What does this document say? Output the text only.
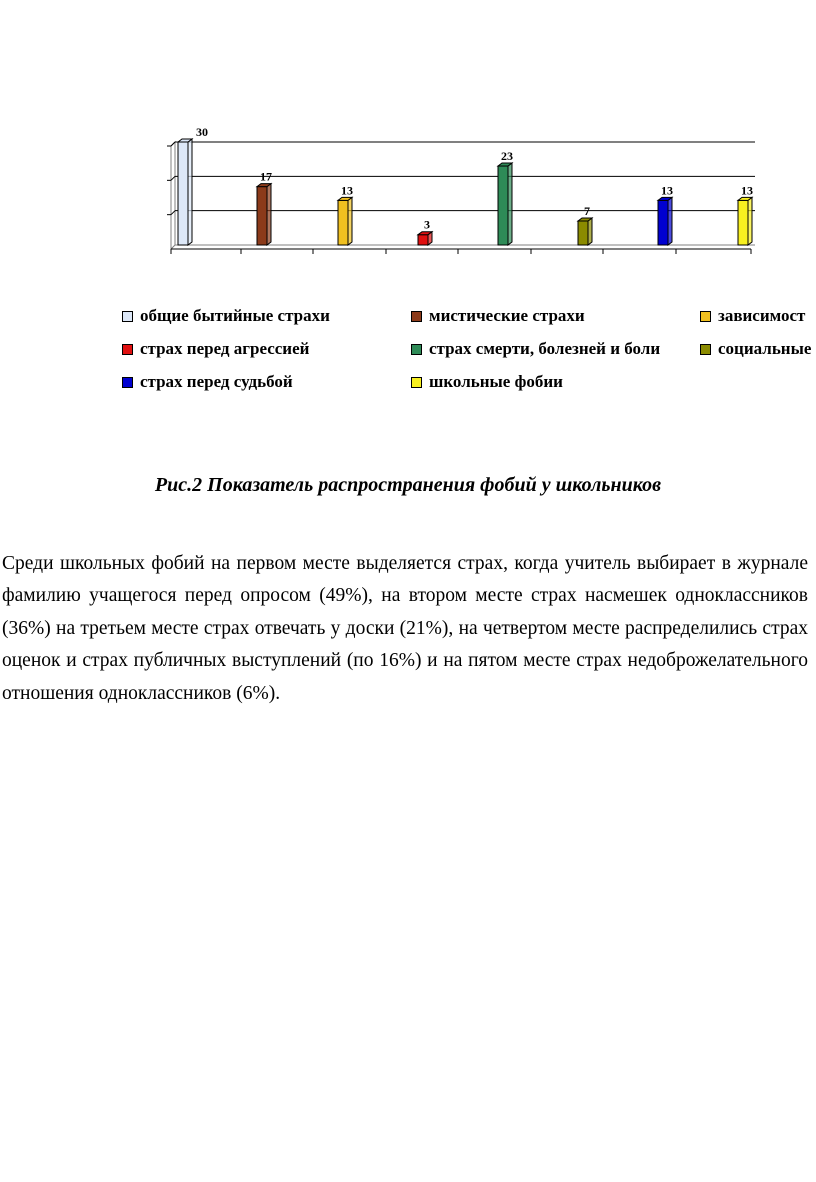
30
17
13
3
23
7
13	13
общие бытийные страхи	мистические страхи	зависимост
страх перед агрессией	страх смерти, болезней и боли	социальные
страх перед судьбой	школьные фобии
Рис.2 Показатель распространения фобий у школьников

Среди школьных фобий на первом месте выделяется страх, когда учитель выбирает в журнале фамилию учащегося перед опросом (49%), на втором месте страх насмешек одноклассников (36%) на третьем месте страх отвечать у доски (21%), на четвертом месте распределились страх оценок и страх публичных выступлений (по 16%) и на пятом месте страх недоброжелательного отношения одноклассников (6%).
